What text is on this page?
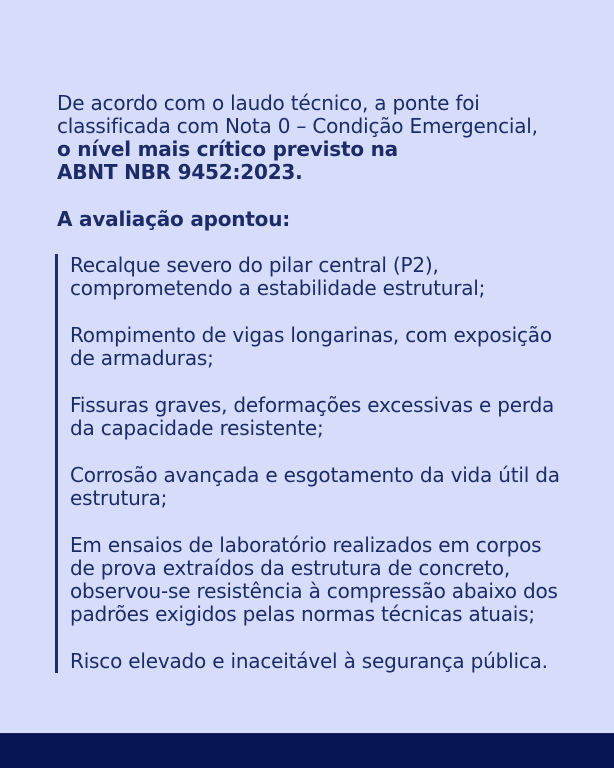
De acordo com o laudo técnico, a ponte foi
classificada com Nota 0 – Condição Emergencial,
o nível mais crítico previsto na
ABNT NBR 9452:2023.
A avaliação apontou:
Recalque severo do pilar central (P2),
comprometendo a estabilidade estrutural;
Rompimento de vigas longarinas, com exposição
de armaduras;
Fissuras graves, deformações excessivas e perda
da capacidade resistente;
Corrosão avançada e esgotamento da vida útil da
estrutura;
Em ensaios de laboratório realizados em corpos
de prova extraídos da estrutura de concreto,
observou-se resistência à compressão abaixo dos
padrões exigidos pelas normas técnicas atuais;
Risco elevado e inaceitável à segurança pública.
